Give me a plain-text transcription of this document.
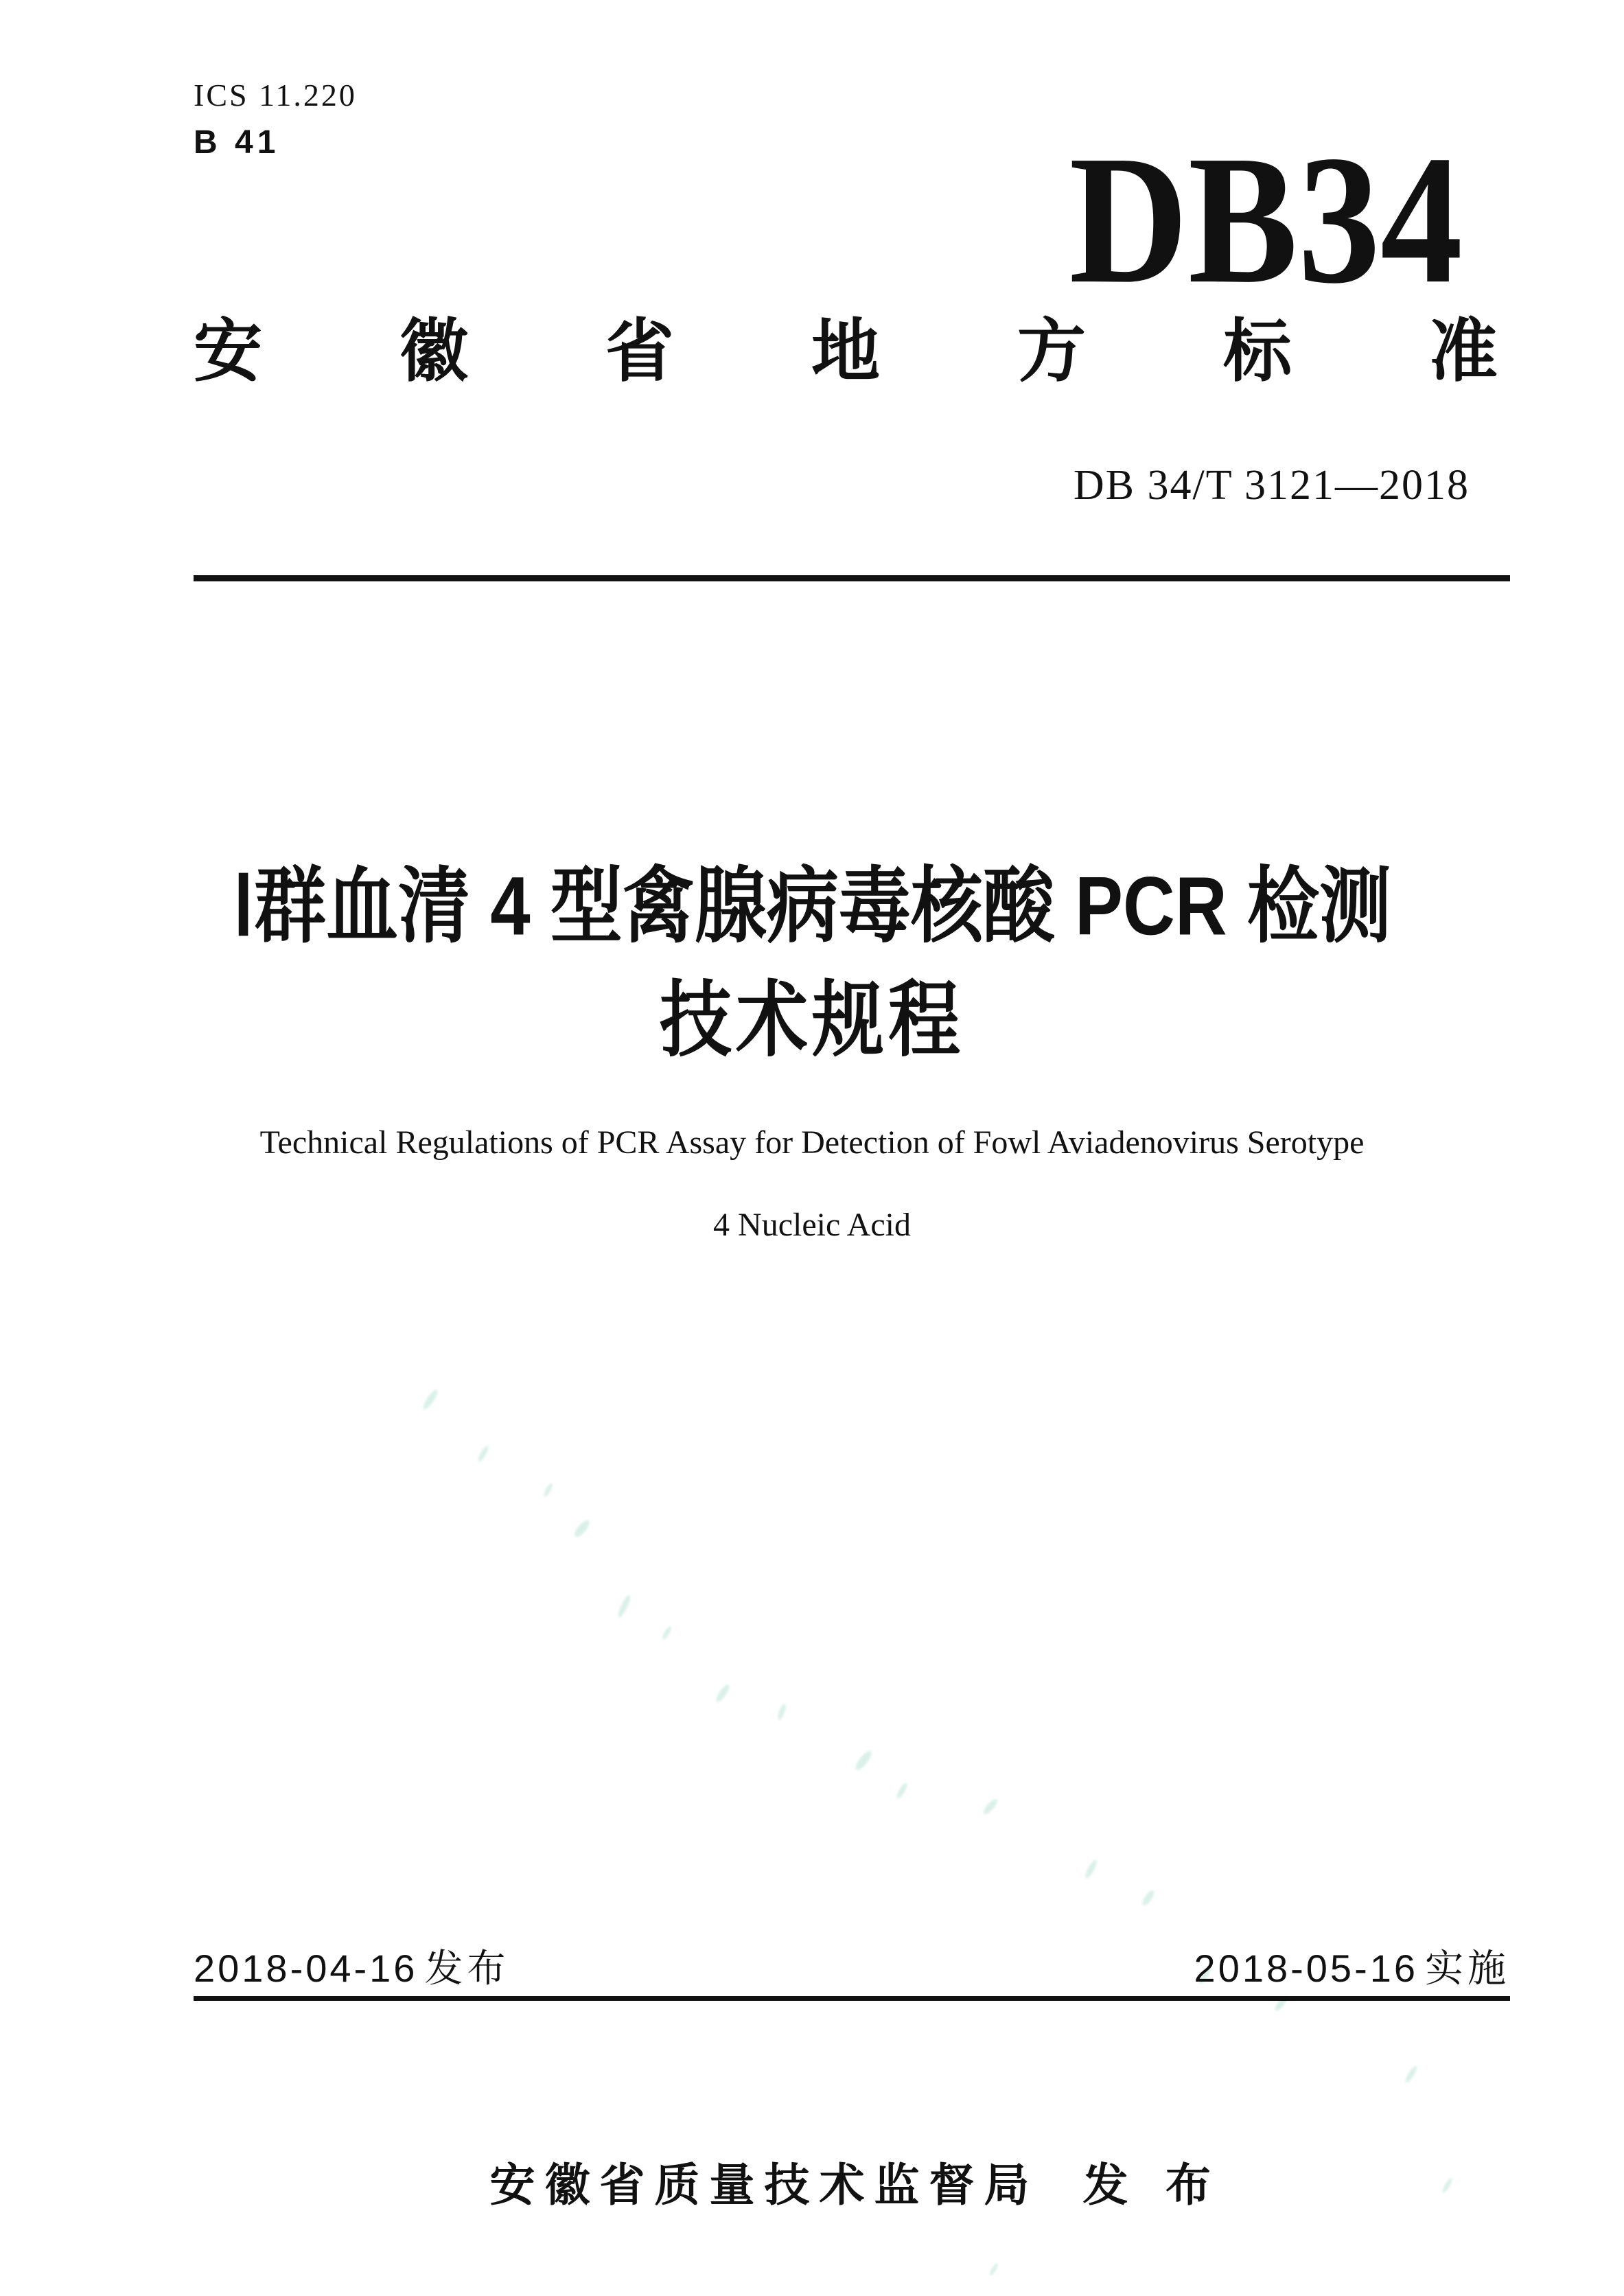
ICS 11.220
B 41	DB34
安 徽 省 地 方 标 准
DB 34/T 3121—2018
Ⅰ群血清 4 型禽腺病毒核酸 PCR 检测
技术规程
Technical Regulations of PCR Assay for Detection of Fowl Aviadenovirus Serotype
4 Nucleic Acid
2018-04-16 发布	2018-05-16 实施

安徽省质量技术监督局 发 布
